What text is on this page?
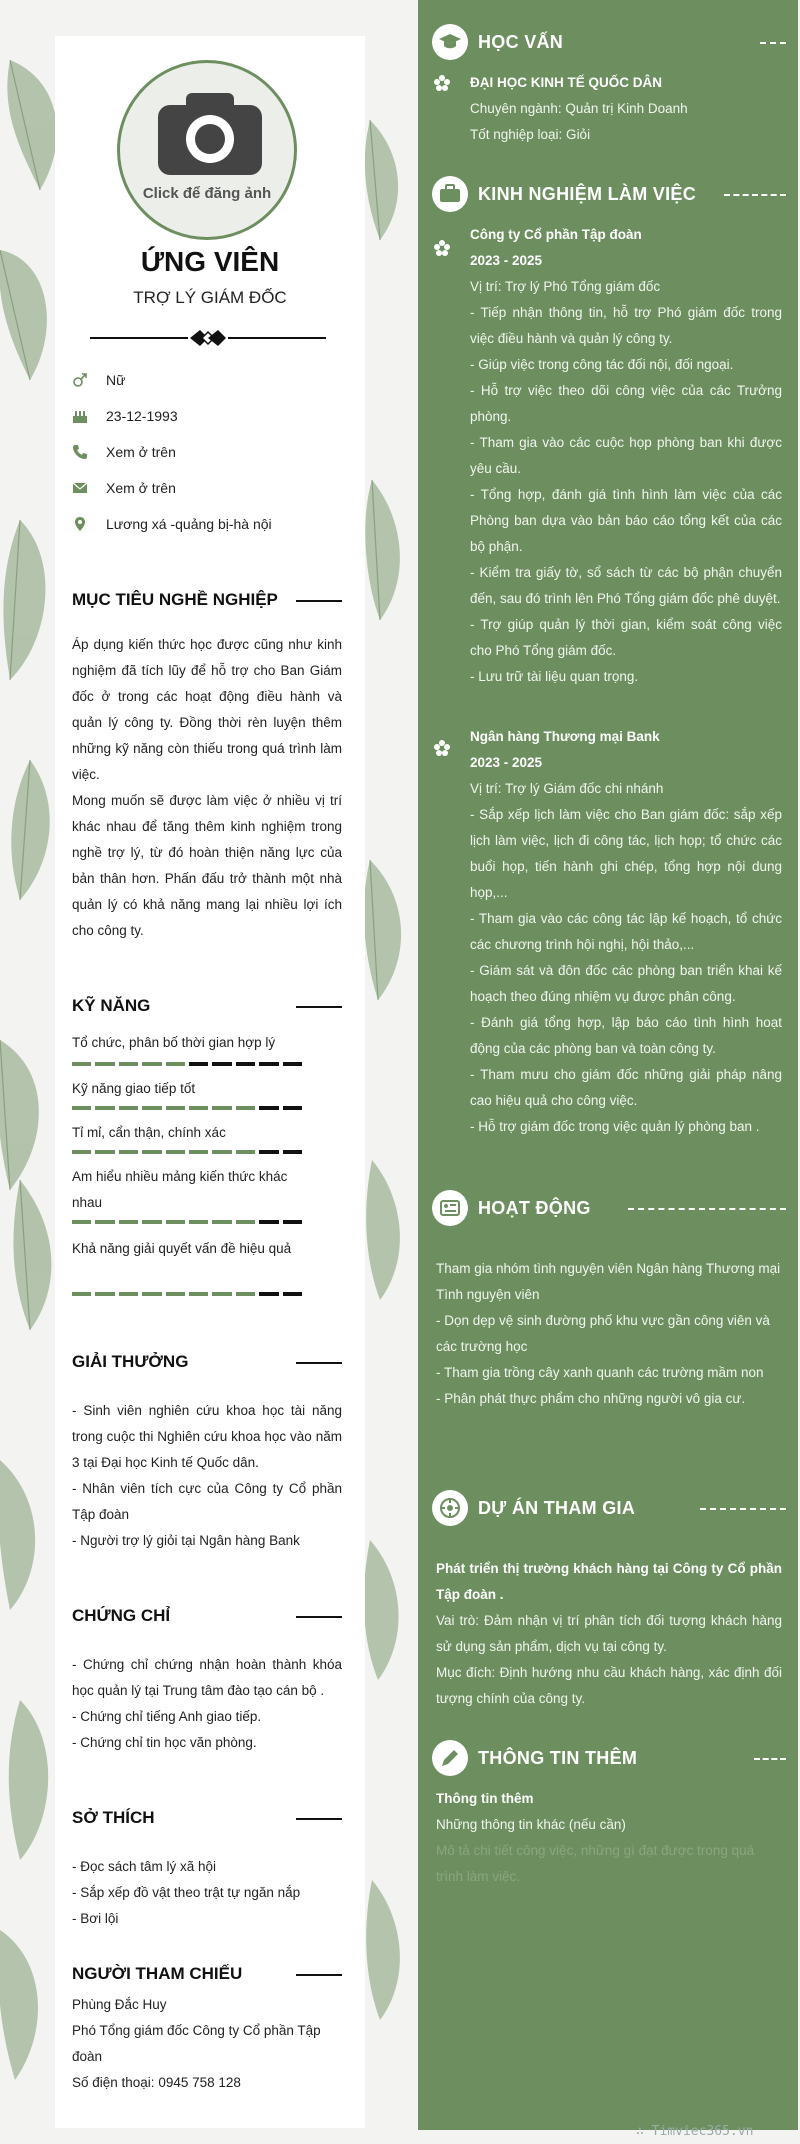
Click để đăng ảnh
ỨNG VIÊN
TRỢ LÝ GIÁM ĐỐC
Nữ
23-12-1993
Xem ở trên
Xem ở trên
Lương xá -quảng bị-hà nội
MỤC TIÊU NGHỀ NGHIỆP

Áp dụng kiến thức học được cũng như kinh nghiệm đã tích lũy để hỗ trợ cho Ban Giám đốc ở trong các hoạt động điều hành và quản lý công ty. Đồng thời rèn luyện thêm những kỹ năng còn thiếu trong quá trình làm việc.

Mong muốn sẽ được làm việc ở nhiều vị trí khác nhau để tăng thêm kinh nghiệm trong nghề trợ lý, từ đó hoàn thiện năng lực của bản thân hơn. Phấn đấu trở thành một nhà quản lý có khả năng mang lại nhiều lợi ích cho công ty.

KỸ NĂNG
Tổ chức, phân bố thời gian hợp lý
Kỹ năng giao tiếp tốt
Tỉ mỉ, cẩn thận, chính xác
Am hiểu nhiều mảng kiến thức khác nhau
Khả năng giải quyết vấn đề hiệu quả
GIẢI THƯỞNG

- Sinh viên nghiên cứu khoa học tài năng trong cuộc thi Nghiên cứu khoa học vào năm 3 tại Đại học Kinh tế Quốc dân.

- Nhân viên tích cực của Công ty Cổ phần Tập đoàn

- Người trợ lý giỏi tại Ngân hàng Bank

CHỨNG CHỈ

- Chứng chỉ chứng nhận hoàn thành khóa học quản lý tại Trung tâm đào tạo cán bộ .

- Chứng chỉ tiếng Anh giao tiếp.

- Chứng chỉ tin học văn phòng.

SỞ THÍCH

- Đọc sách tâm lý xã hội

- Sắp xếp đồ vật theo trật tự ngăn nắp

- Bơi lội

NGƯỜI THAM CHIẾU

Phùng Đắc Huy

Phó Tổng giám đốc Công ty Cổ phần Tập đoàn

Số điện thoại: 0945 758 128

HỌC VẤN
ĐẠI HỌC KINH TẾ QUỐC DÂN
Chuyên ngành: Quản trị Kinh Doanh
Tốt nghiệp loại: Giỏi
KINH NGHIỆM LÀM VIỆC
Công ty Cổ phần Tập đoàn
2023 - 2025
Vị trí: Trợ lý Phó Tổng giám đốc
- Tiếp nhận thông tin, hỗ trợ Phó giám đốc trong việc điều hành và quản lý công ty.
- Giúp việc trong công tác đối nội, đối ngoại.
- Hỗ trợ việc theo dõi công việc của các Trưởng phòng.
- Tham gia vào các cuộc họp phòng ban khi được yêu cầu.
- Tổng hợp, đánh giá tình hình làm việc của các Phòng ban dựa vào bản báo cáo tổng kết của các bộ phận.
- Kiểm tra giấy tờ, sổ sách từ các bộ phận chuyển đến, sau đó trình lên Phó Tổng giám đốc phê duyệt.
- Trợ giúp quản lý thời gian, kiểm soát công việc cho Phó Tổng giám đốc.
- Lưu trữ tài liệu quan trọng.
Ngân hàng Thương mại Bank
2023 - 2025
Vị trí: Trợ lý Giám đốc chi nhánh
- Sắp xếp lịch làm việc cho Ban giám đốc: sắp xếp lịch làm việc, lịch đi công tác, lịch họp; tổ chức các buổi họp, tiến hành ghi chép, tổng hợp nội dung họp,...
- Tham gia vào các công tác lập kế hoạch, tổ chức các chương trình hội nghị, hội thảo,...
- Giám sát và đôn đốc các phòng ban triển khai kế hoạch theo đúng nhiệm vụ được phân công.
- Đánh giá tổng hợp, lập báo cáo tình hình hoạt động của các phòng ban và toàn công ty.
- Tham mưu cho giám đốc những giải pháp nâng cao hiệu quả cho công việc.
- Hỗ trợ giám đốc trong việc quản lý phòng ban .
HOẠT ĐỘNG
Tham gia nhóm tình nguyện viên Ngân hàng Thương mại
Tình nguyện viên
- Dọn dẹp vệ sinh đường phố khu vực gần công viên và các trường học
- Tham gia trồng cây xanh quanh các trường mầm non
- Phân phát thực phẩm cho những người vô gia cư.
DỰ ÁN THAM GIA
Phát triển thị trường khách hàng tại Công ty Cổ phần Tập đoàn .
Vai trò: Đảm nhận vị trí phân tích đối tượng khách hàng sử dụng sản phẩm, dịch vụ tại công ty.
Mục đích: Định hướng nhu cầu khách hàng, xác định đối tượng chính của công ty.
THÔNG TIN THÊM
Thông tin thêm
Những thông tin khác (nếu cần)
Mô tả chi tiết công việc, những gì đạt được trong quá trình làm việc.
∴ Timviec365.vn
